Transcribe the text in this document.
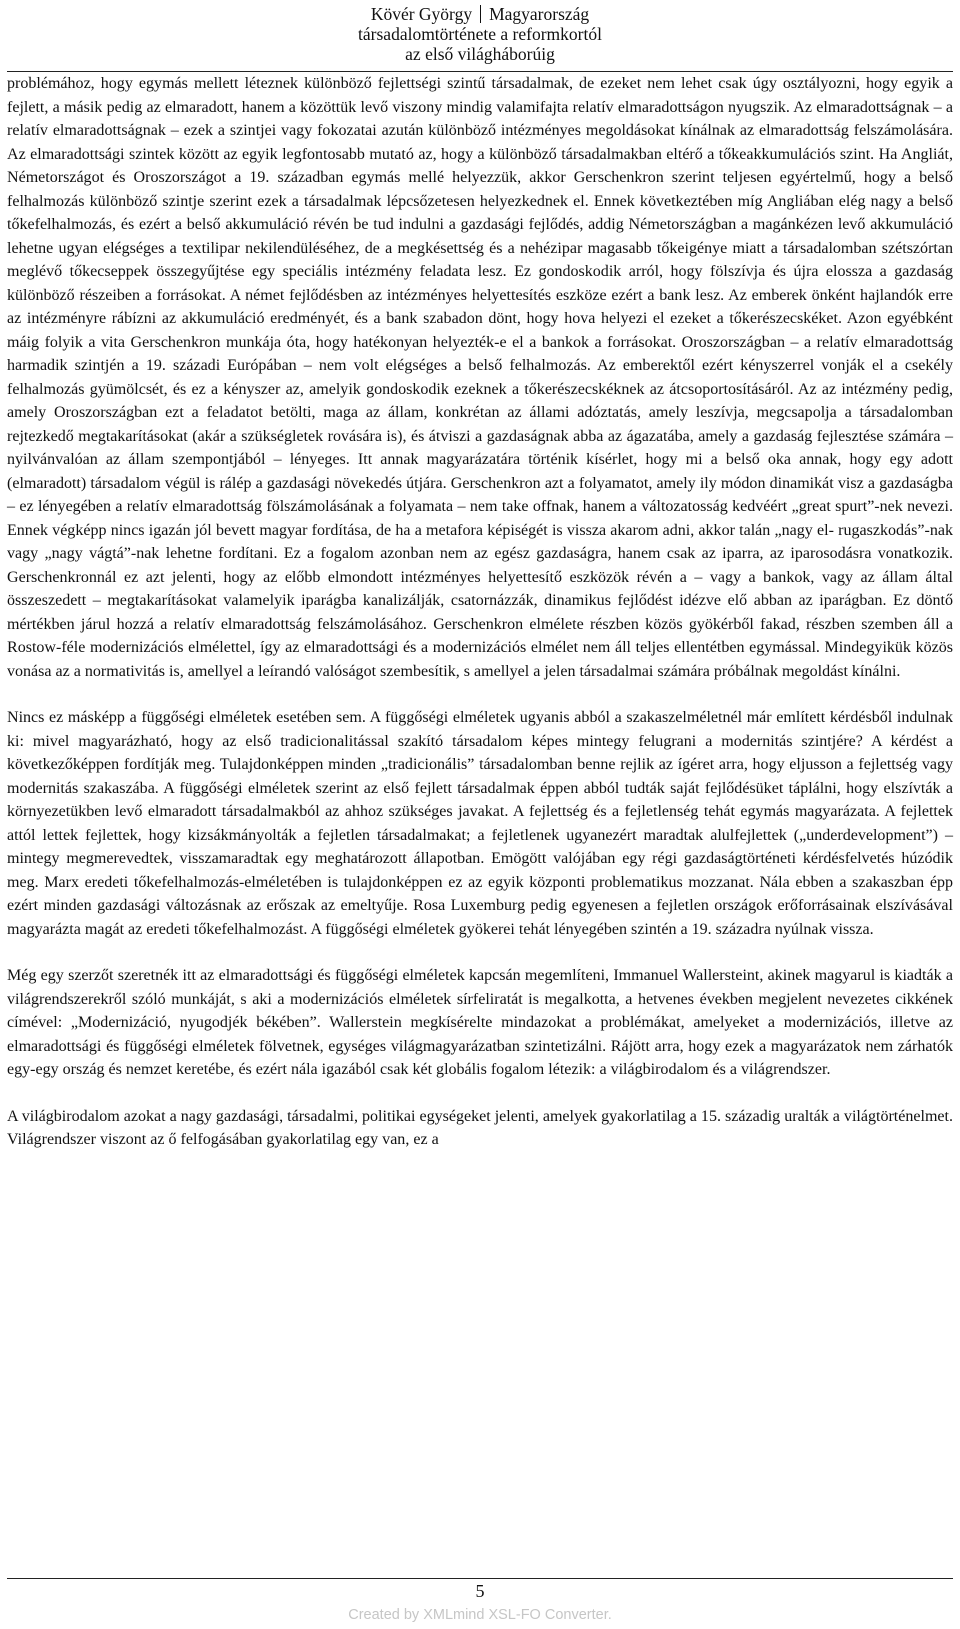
Kövér György Magyarország
társadalomtörténete a reformkortól
az első világháborúig

problémához, hogy egymás mellett léteznek különböző fejlettségi szintű társadalmak, de ezeket nem lehet csak úgy osztályozni, hogy egyik a fejlett, a másik pedig az elmaradott, hanem a közöttük levő viszony mindig valamifajta relatív elmaradottságon nyugszik. Az elmaradottságnak – a relatív elmaradottságnak – ezek a szintjei vagy fokozatai azután különböző intézményes megoldásokat kínálnak az elmaradottság felszámolására. Az elmaradottsági szintek között az egyik legfontosabb mutató az, hogy a különböző társadalmakban eltérő a tőkeakkumulációs szint. Ha Angliát, Németországot és Oroszországot a 19. században egymás mellé helyezzük, akkor Gerschenkron szerint teljesen egyértelmű, hogy a belső felhalmozás különböző szintje szerint ezek a társadalmak lépcsőzetesen helyezkednek el. Ennek következtében míg Angliában elég nagy a belső tőkefelhalmozás, és ezért a belső akkumuláció révén be tud indulni a gazdasági fejlődés, addig Németországban a magánkézen levő akkumuláció lehetne ugyan elégséges a textilipar nekilendüléséhez, de a megkésettség és a nehézipar magasabb tőkeigénye miatt a társadalomban szétszórtan meglévő tőkecseppek összegyűjtése egy speciális intézmény feladata lesz. Ez gondoskodik arról, hogy fölszívja és újra elossza a gazdaság különböző részeiben a forrásokat. A német fejlődésben az intézményes helyettesítés eszköze ezért a bank lesz. Az emberek önként hajlandók erre az intézményre rábízni az akkumuláció eredményét, és a bank szabadon dönt, hogy hova helyezi el ezeket a tőkerészecskéket. Azon egyébként máig folyik a vita Gerschenkron munkája óta, hogy hatékonyan helyezték-e el a bankok a forrásokat. Oroszországban – a relatív elmaradottság harmadik szintjén a 19. századi Európában – nem volt elégséges a belső felhalmozás. Az emberektől ezért kényszerrel vonják el a csekély felhalmozás gyümölcsét, és ez a kényszer az, amelyik gondoskodik ezeknek a tőkerészecskéknek az átcsoportosításáról. Az az intézmény pedig, amely Oroszországban ezt a feladatot betölti, maga az állam, konkrétan az állami adóztatás, amely leszívja, megcsapolja a társadalomban rejtezkedő megtakarításokat (akár a szükségletek rovására is), és átviszi a gazdaságnak abba az ágazatába, amely a gazdaság fejlesztése számára – nyilvánvalóan az állam szempontjából – lényeges. Itt annak magyarázatára történik kísérlet, hogy mi a belső oka annak, hogy egy adott (elmaradott) társadalom végül is rálép a gazdasági növekedés útjára. Gerschenkron azt a folyamatot, amely ily módon dinamikát visz a gazdaságba – ez lényegében a relatív elmaradottság fölszámolásának a folyamata – nem take offnak, hanem a változatosság kedvéért „great spurt”-nek nevezi. Ennek végképp nincs igazán jól bevett magyar fordítása, de ha a metafora képiségét is vissza akarom adni, akkor talán „nagy el- rugaszkodás”-nak vagy „nagy vágtá”-nak lehetne fordítani. Ez a fogalom azonban nem az egész gazdaságra, hanem csak az iparra, az iparosodásra vonatkozik. Gerschenkronnál ez azt jelenti, hogy az előbb elmondott intézményes helyettesítő eszközök révén a – vagy a bankok, vagy az állam által összeszedett – megtakarításokat valamelyik iparágba kanalizálják, csatornázzák, dinamikus fejlődést idézve elő abban az iparágban. Ez döntő mértékben járul hozzá a relatív elmaradottság felszámolásához. Gerschenkron elmélete részben közös gyökérből fakad, részben szemben áll a Rostow-féle modernizációs elmélettel, így az elmaradottsági és a modernizációs elmélet nem áll teljes ellentétben egymással. Mindegyikük közös vonása az a normativitás is, amellyel a leírandó valóságot szembesítik, s amellyel a jelen társadalmai számára próbálnak megoldást kínálni.

Nincs ez másképp a függőségi elméletek esetében sem. A függőségi elméletek ugyanis abból a szakaszelméletnél már említett kérdésből indulnak ki: mivel magyarázható, hogy az első tradicionalitással szakító társadalom képes mintegy felugrani a modernitás szintjére? A kérdést a következőképpen fordítják meg. Tulajdonképpen minden „tradicionális” társadalomban benne rejlik az ígéret arra, hogy eljusson a fejlettség vagy modernitás szakaszába. A függőségi elméletek szerint az első fejlett társadalmak éppen abból tudták saját fejlődésüket táplálni, hogy elszívták a környezetükben levő elmaradott társadalmakból az ahhoz szükséges javakat. A fejlettség és a fejletlenség tehát egymás magyarázata. A fejlettek attól lettek fejlettek, hogy kizsákmányolták a fejletlen társadalmakat; a fejletlenek ugyanezért maradtak alulfejlettek („underdevelopment”) – mintegy megmerevedtek, visszamaradtak egy meghatározott állapotban. Emögött valójában egy régi gazdaságtörténeti kérdésfelvetés húzódik meg. Marx eredeti tőkefelhalmozás-elméletében is tulajdonképpen ez az egyik központi problematikus mozzanat. Nála ebben a szakaszban épp ezért minden gazdasági változásnak az erőszak az emeltyűje. Rosa Luxemburg pedig egyenesen a fejletlen országok erőforrásainak elszívásával magyarázta magát az eredeti tőkefelhalmozást. A függőségi elméletek gyökerei tehát lényegében szintén a 19. századra nyúlnak vissza.

Még egy szerzőt szeretnék itt az elmaradottsági és függőségi elméletek kapcsán megemlíteni, Immanuel Wallersteint, akinek magyarul is kiadták a világrendszerekről szóló munkáját, s aki a modernizációs elméletek sírfeliratát is megalkotta, a hetvenes években megjelent nevezetes cikkének címével: „Modernizáció, nyugodjék békében”. Wallerstein megkísérelte mindazokat a problémákat, amelyeket a modernizációs, illetve az elmaradottsági és függőségi elméletek fölvetnek, egységes világmagyarázatban szintetizálni. Rájött arra, hogy ezek a magyarázatok nem zárhatók egy-egy ország és nemzet keretébe, és ezért nála igazából csak két globális fogalom létezik: a világbirodalom és a világrendszer.

A világbirodalom azokat a nagy gazdasági, társadalmi, politikai egységeket jelenti, amelyek gyakorlatilag a 15. századig uralták a világtörténelmet. Világrendszer viszont az ő felfogásában gyakorlatilag egy van, ez a

5
Created by XMLmind XSL-FO Converter.
